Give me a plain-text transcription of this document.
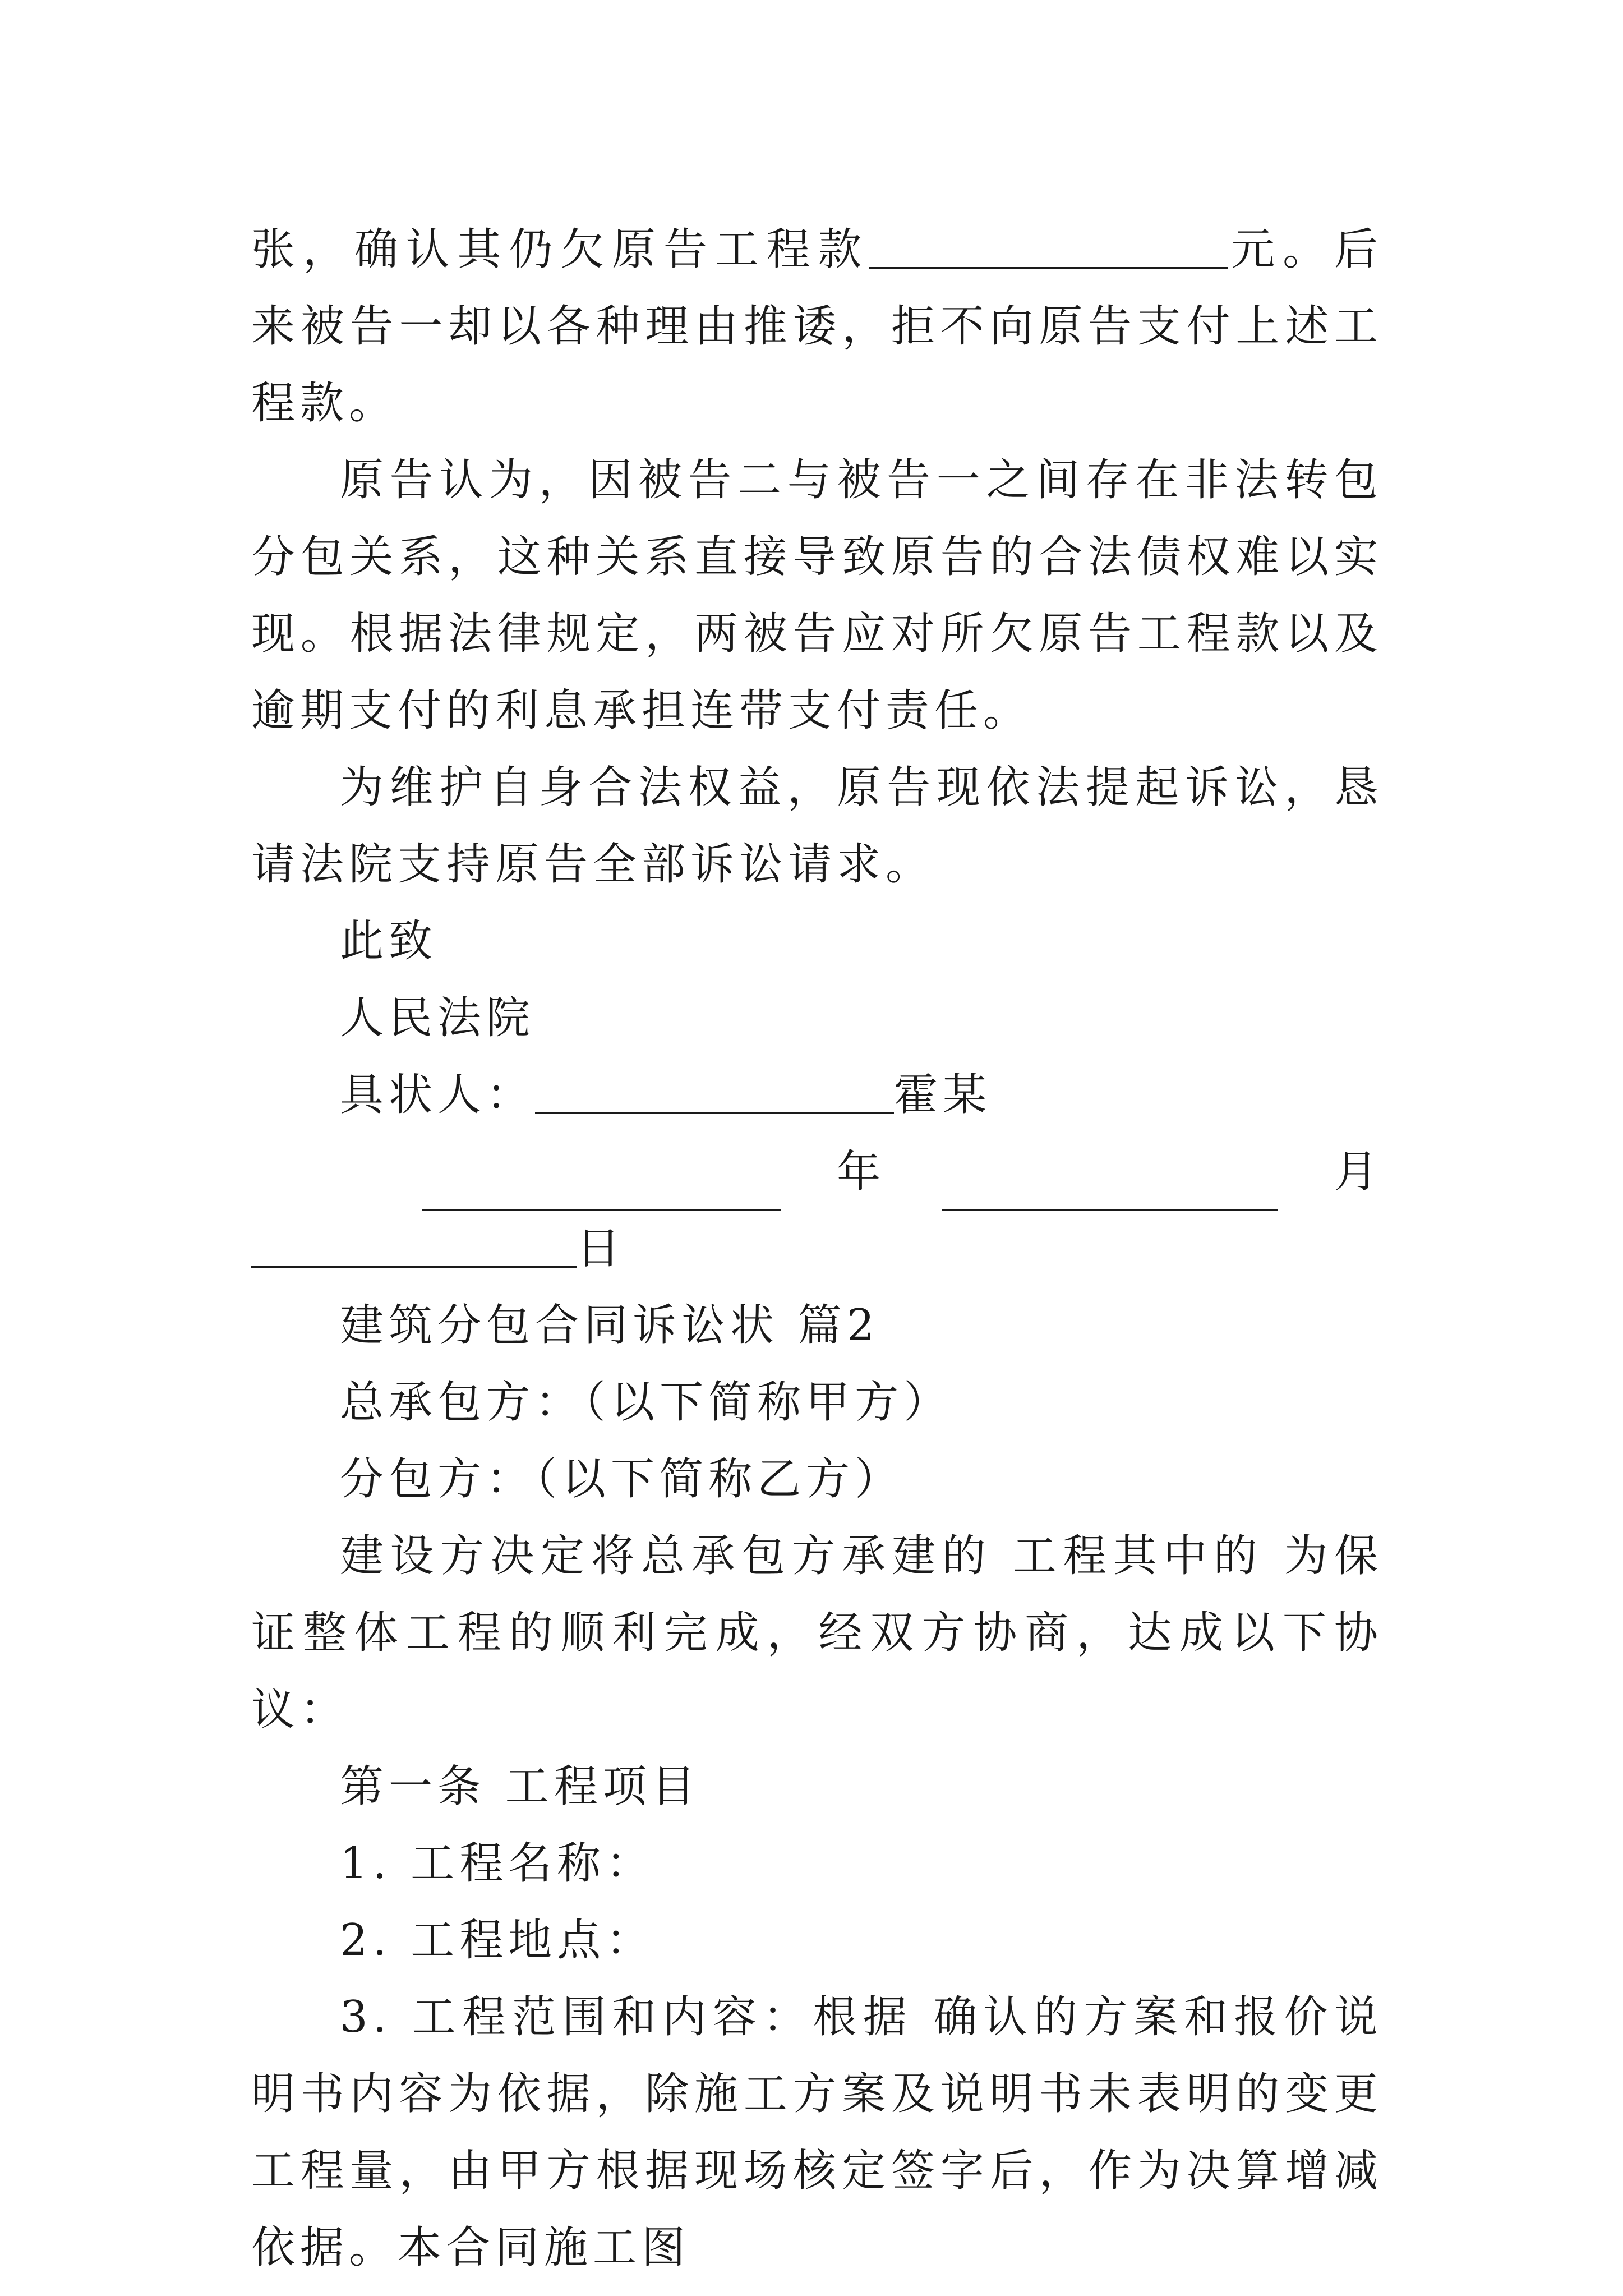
张，确认其仍欠原告工程款	元。后来被告一却以各种理由推诿，拒不向原告支付上述工程款。

原告认为，因被告二与被告一之间存在非法转包分包关系，这种关系直接导致原告的合法债权难以实现。根据法律规定，两被告应对所欠原告工程款以及逾期支付的利息承担连带支付责任。

为维护自身合法权益，原告现依法提起诉讼，恳请法院支持原告全部诉讼请求。

此致

人民法院

具状人：	霍某

年	月

日

建筑分包合同诉讼状 篇2

总承包方：（以下简称甲方）

分包方：（以下简称乙方）

建设方决定将总承包方承建的 工程其中的 为保证整体工程的顺利完成，经双方协商，达成以下协议：

第一条 工程项目

1. 工程名称：

2. 工程地点：

3. 工程范围和内容：根据 确认的方案和报价说明书内容为依据，除施工方案及说明书未表明的变更工程量，由甲方根据现场核定签字后，作为决算增减依据。本合同施工图
